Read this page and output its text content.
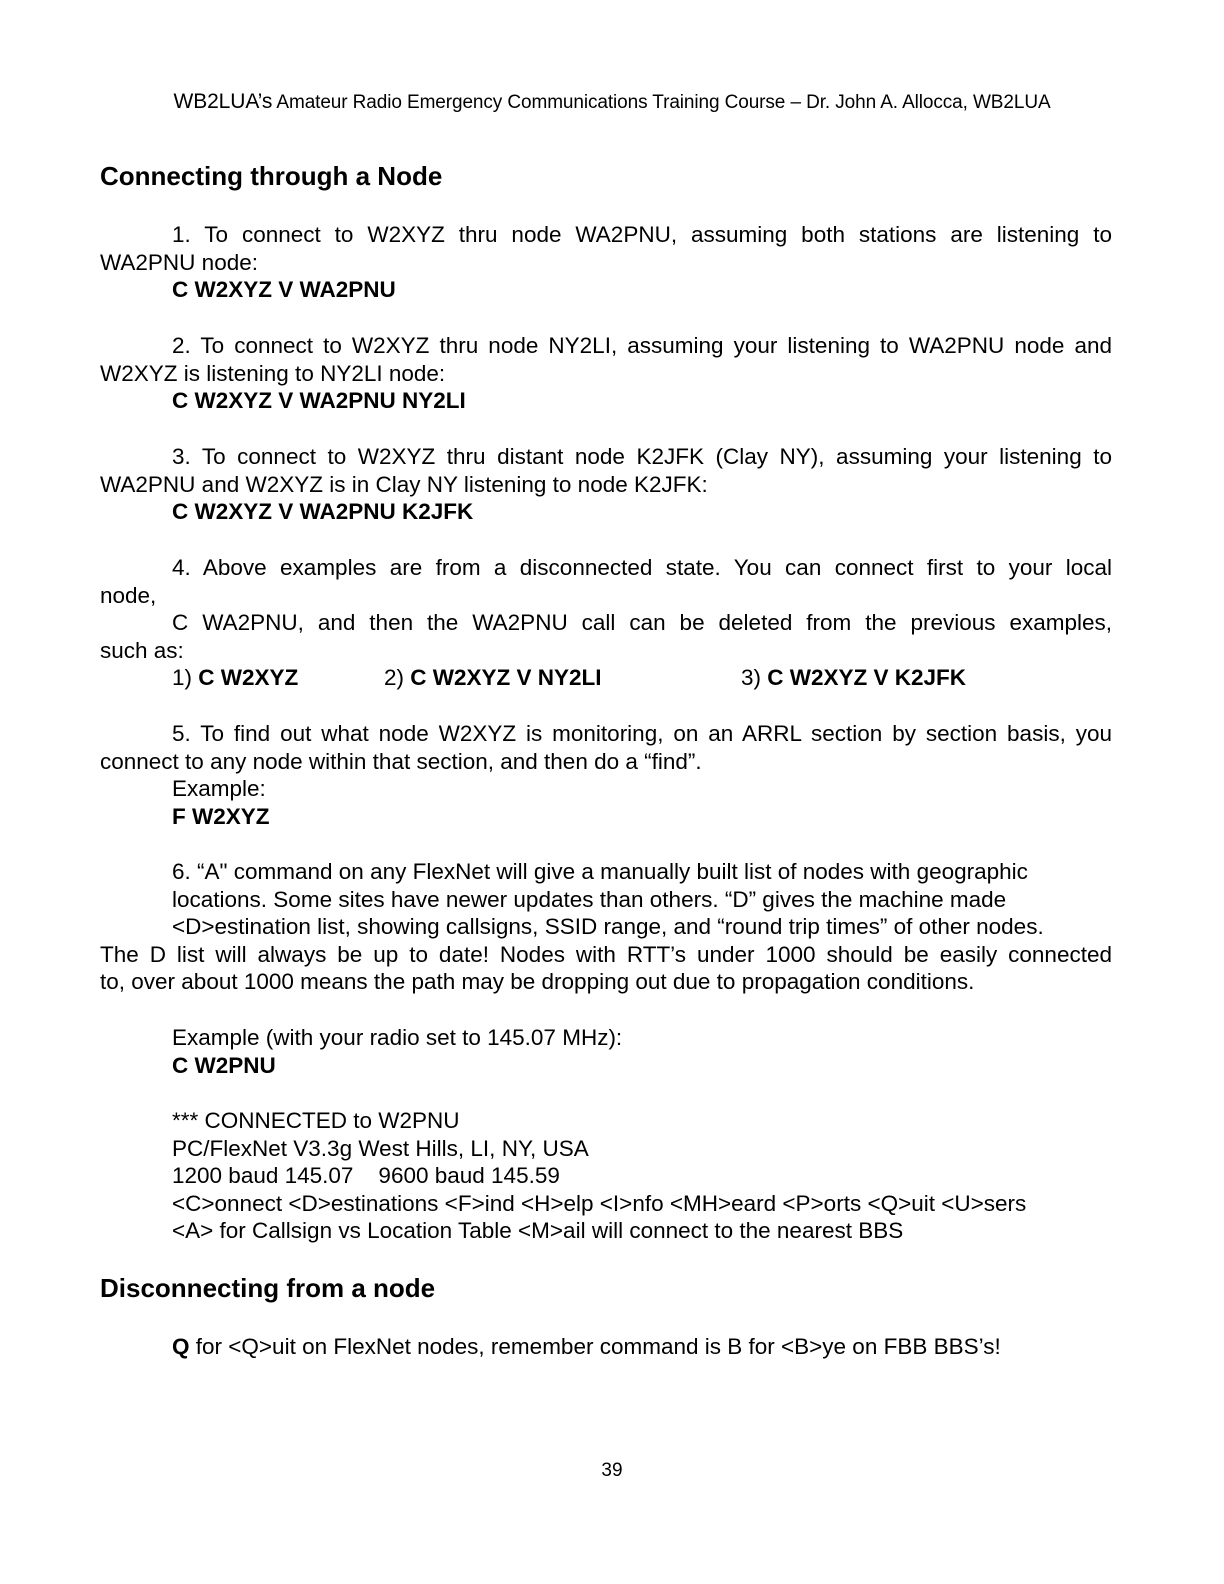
WB2LUA’s Amateur Radio Emergency Communications Training Course – Dr. John A. Allocca, WB2LUA
Connecting through a Node

1. To connect to W2XYZ thru node WA2PNU, assuming both stations are listening to

WA2PNU node:

C W2XYZ V WA2PNU

2. To connect to W2XYZ thru node NY2LI, assuming your listening to WA2PNU node and

W2XYZ is listening to NY2LI node:

C W2XYZ V WA2PNU NY2LI

3. To connect to W2XYZ thru distant node K2JFK (Clay NY), assuming your listening to

WA2PNU and W2XYZ is in Clay NY listening to node K2JFK:

C W2XYZ V WA2PNU K2JFK

4. Above examples are from a disconnected state. You can connect first to your local

node,

C WA2PNU, and then the WA2PNU call can be deleted from the previous examples,

such as:

1) C W2XYZ	2) C W2XYZ V NY2LI	3) C W2XYZ V K2JFK

5. To find out what node W2XYZ is monitoring, on an ARRL section by section basis, you

connect to any node within that section, and then do a “find”.

Example:

F W2XYZ

6. “A" command on any FlexNet will give a manually built list of nodes with geographic

locations. Some sites have newer updates than others. “D” gives the machine made

<D>estination list, showing callsigns, SSID range, and “round trip times” of other nodes.

The D list will always be up to date! Nodes with RTT’s under 1000 should be easily connected

to, over about 1000 means the path may be dropping out due to propagation conditions.

Example (with your radio set to 145.07 MHz):

C W2PNU

*** CONNECTED to W2PNU

PC/FlexNet V3.3g West Hills, LI, NY, USA

1200 baud 145.07    9600 baud 145.59

<C>onnect <D>estinations <F>ind <H>elp <I>nfo <MH>eard <P>orts <Q>uit <U>sers

<A> for Callsign vs Location Table <M>ail will connect to the nearest BBS

Disconnecting from a node

Q for <Q>uit on FlexNet nodes, remember command is B for <B>ye on FBB BBS’s!

39
